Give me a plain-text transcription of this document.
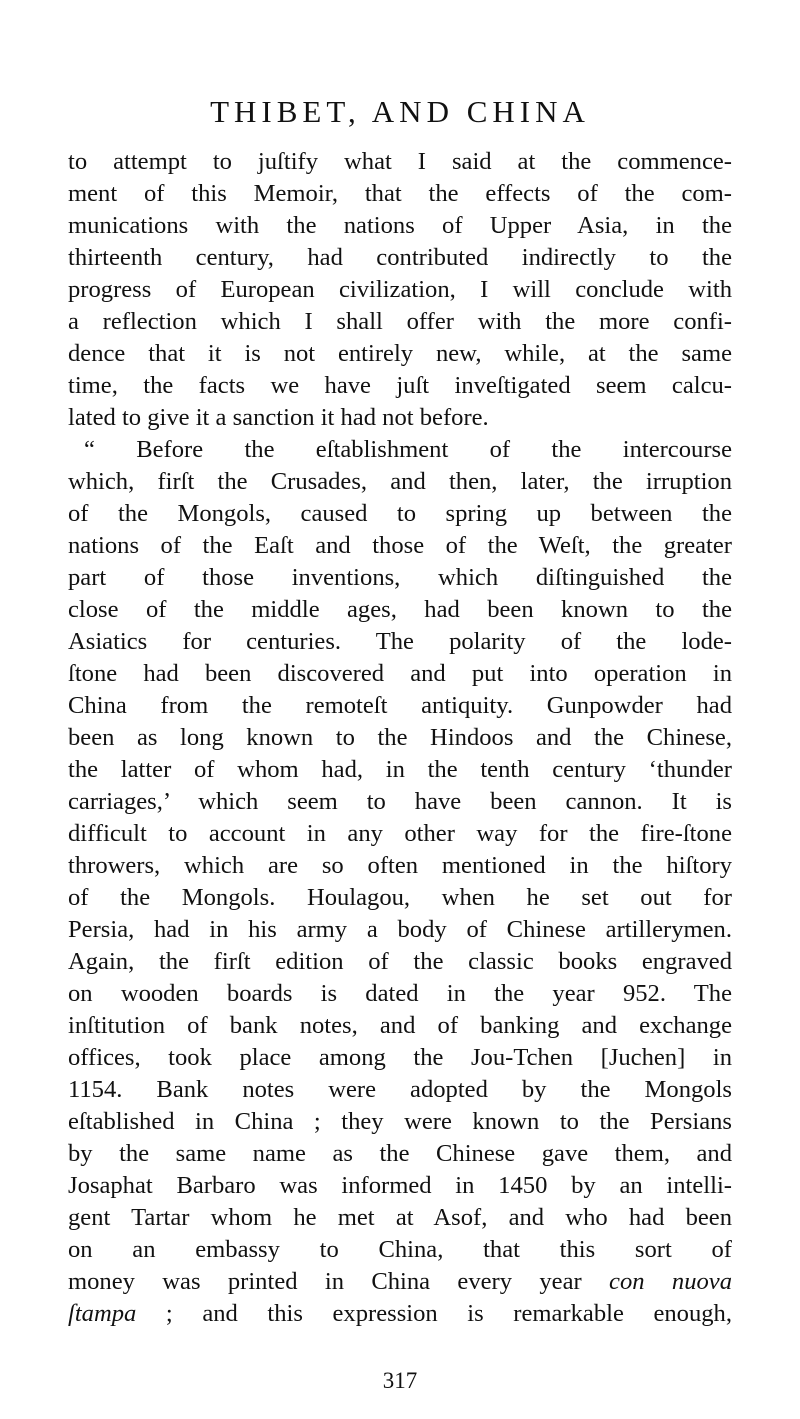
THIBET, AND CHINA
to attempt to juſtify what I said at the commence-
ment of this Memoir, that the effects of the com-
munications with the nations of Upper Asia, in the
thirteenth century, had contributed indirectly to the
progress of European civilization, I will conclude with
a reflection which I shall offer with the more confi-
dence that it is not entirely new, while, at the same
time, the facts we have juſt inveſtigated seem calcu-
lated to give it a sanction it had not before.
“ Before the eſtablishment of the intercourse
which, firſt the Crusades, and then, later, the irruption
of the Mongols, caused to spring up between the
nations of the Eaſt and those of the Weſt, the greater
part of those inventions, which diſtinguished the
close of the middle ages, had been known to the
Asiatics for centuries. The polarity of the lode-
ſtone had been discovered and put into operation in
China from the remoteſt antiquity. Gunpowder had
been as long known to the Hindoos and the Chinese,
the latter of whom had, in the tenth century ‘thunder
carriages,’ which seem to have been cannon. It is
difficult to account in any other way for the fire-ſtone
throwers, which are so often mentioned in the hiſtory
of the Mongols. Houlagou, when he set out for
Persia, had in his army a body of Chinese artillerymen.
Again, the firſt edition of the classic books engraved
on wooden boards is dated in the year 952. The
inſtitution of bank notes, and of banking and exchange
offices, took place among the Jou-Tchen [Juchen] in
1154. Bank notes were adopted by the Mongols
eſtablished in China ; they were known to the Persians
by the same name as the Chinese gave them, and
Josaphat Barbaro was informed in 1450 by an intelli-
gent Tartar whom he met at Asof, and who had been
on an embassy to China, that this sort of
money was printed in China every year con nuova
ſtampa ; and this expression is remarkable enough,
317
